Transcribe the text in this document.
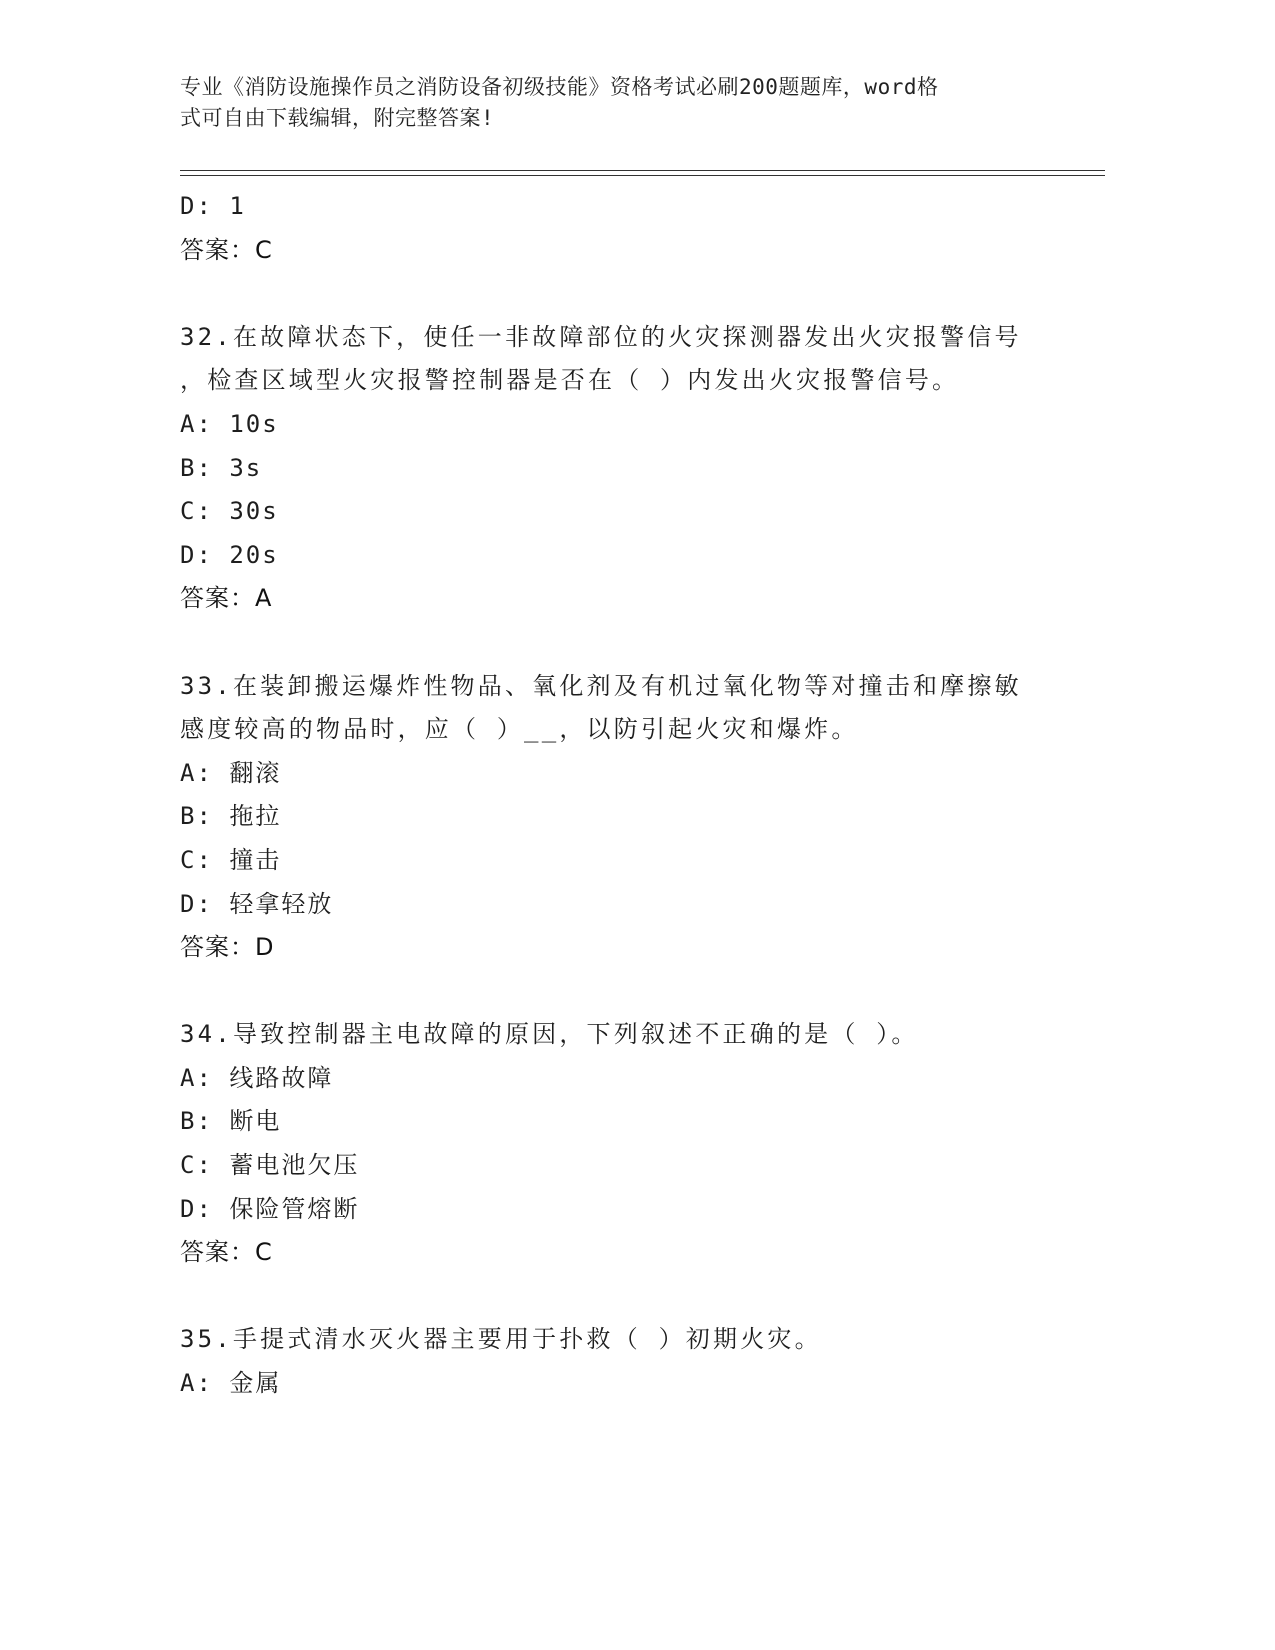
专业《消防设施操作员之消防设备初级技能》资格考试必刷200题题库，word格
式可自由下载编辑，附完整答案!
D: 1
答案：C
32.在故障状态下，使任一非故障部位的火灾探测器发出火灾报警信号
，检查区域型火灾报警控制器是否在（ ）内发出火灾报警信号。
A: 10s
B: 3s
C: 30s
D: 20s
答案：A
33.在装卸搬运爆炸性物品、氧化剂及有机过氧化物等对撞击和摩擦敏
感度较高的物品时，应（ ）__，以防引起火灾和爆炸。
A: 翻滚
B: 拖拉
C: 撞击
D: 轻拿轻放
答案：D
34.导致控制器主电故障的原因，下列叙述不正确的是（ ）。
A: 线路故障
B: 断电
C: 蓄电池欠压
D: 保险管熔断
答案：C
35.手提式清水灭火器主要用于扑救（ ）初期火灾。
A: 金属
